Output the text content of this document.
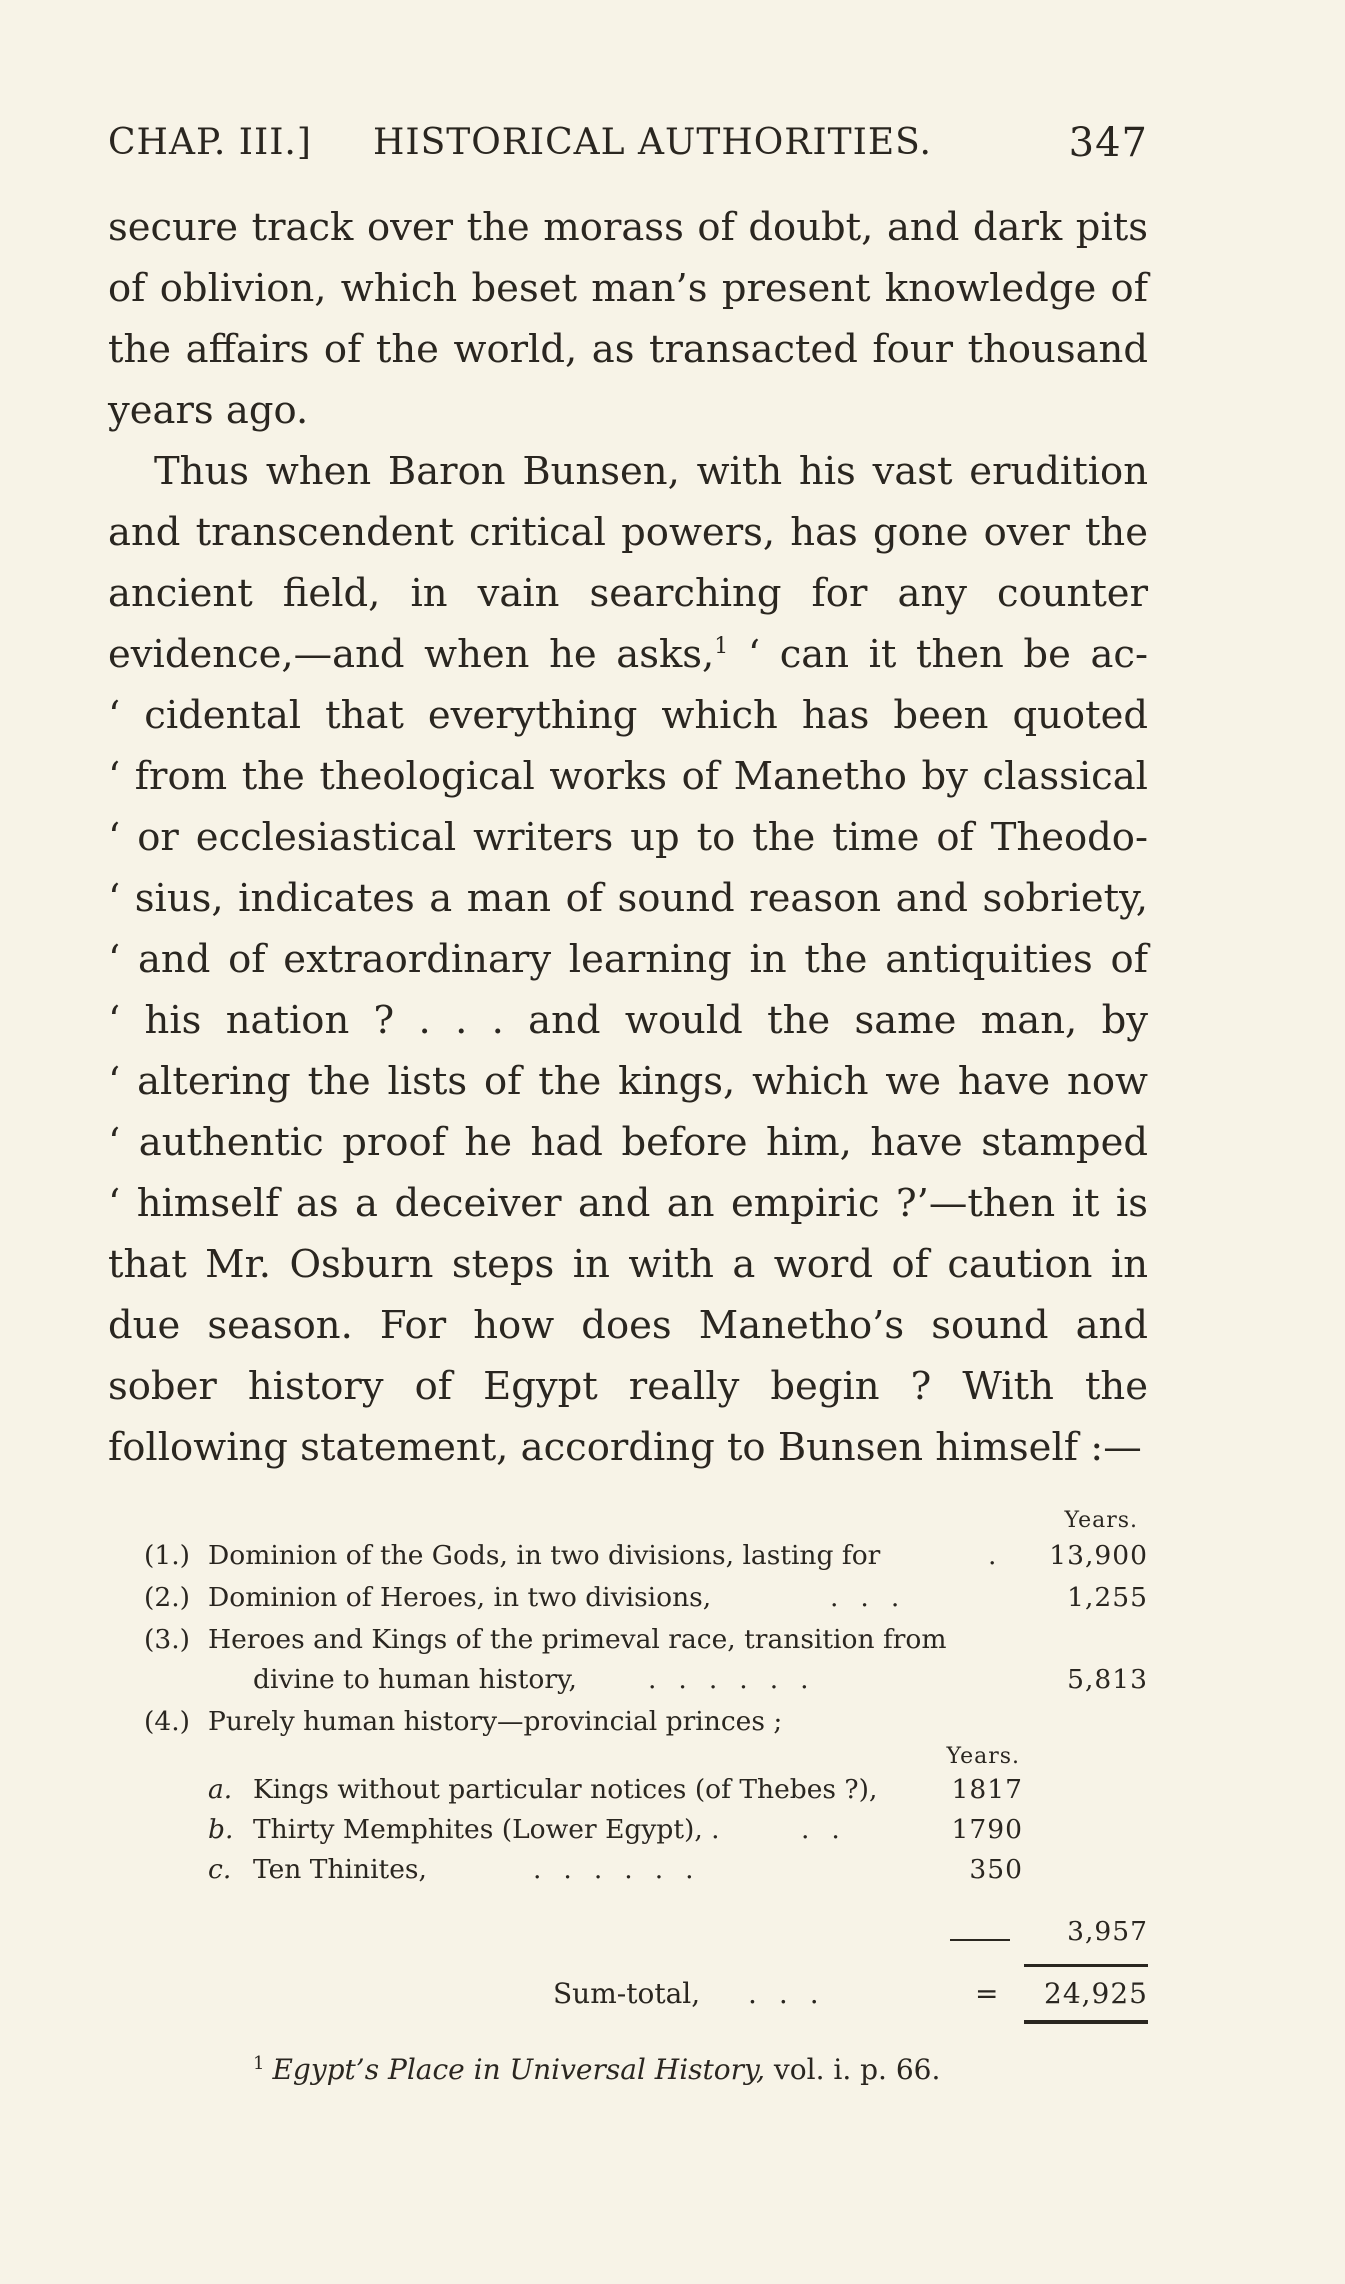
CHAP. III.] HISTORICAL AUTHORITIES.	347
secure track over the morass of doubt, and dark pits
of oblivion, which beset man’s present knowledge of
the affairs of the world, as transacted four thousand
years ago.
Thus when Baron Bunsen, with his vast erudition
and transcendent critical powers, has gone over the
ancient field, in vain searching for any counter
evidence,—and when he asks,$^1$ ‘ can it then be ac-
‘ cidental that everything which has been quoted
‘ from the theological works of Manetho by classical
‘ or ecclesiastical writers up to the time of Theodo-
‘ sius, indicates a man of sound reason and sobriety,
‘ and of extraordinary learning in the antiquities of
‘ his nation ? . . . and would the same man, by
‘ altering the lists of the kings, which we have now
‘ authentic proof he had before him, have stamped
‘ himself as a deceiver and an empiric ?’—then it is
that Mr. Osburn steps in with a word of caution in
due season. For how does Manetho’s sound and
sober history of Egypt really begin ? With the
following statement, according to Bunsen himself :—
Years.
(1.) Dominion of the Gods, in two divisions, lasting for	. 13,900
(2.) Dominion of Heroes, in two divisions,	...	1,255
(3.) Heroes and Kings of the primeval race, transition from
divine to human history,	......	5,813
(4.) Purely human history—provincial princes ;
Years.
a. Kings without particular notices (of Thebes ?),	1817
b. Thirty Memphites (Lower Egypt), .	..	1790
c. Ten Thinites,	......	350
3,957
Sum-total, ...	= 24,925
$^1$ Egypt’s Place in Universal History, vol. i. p. 66.
